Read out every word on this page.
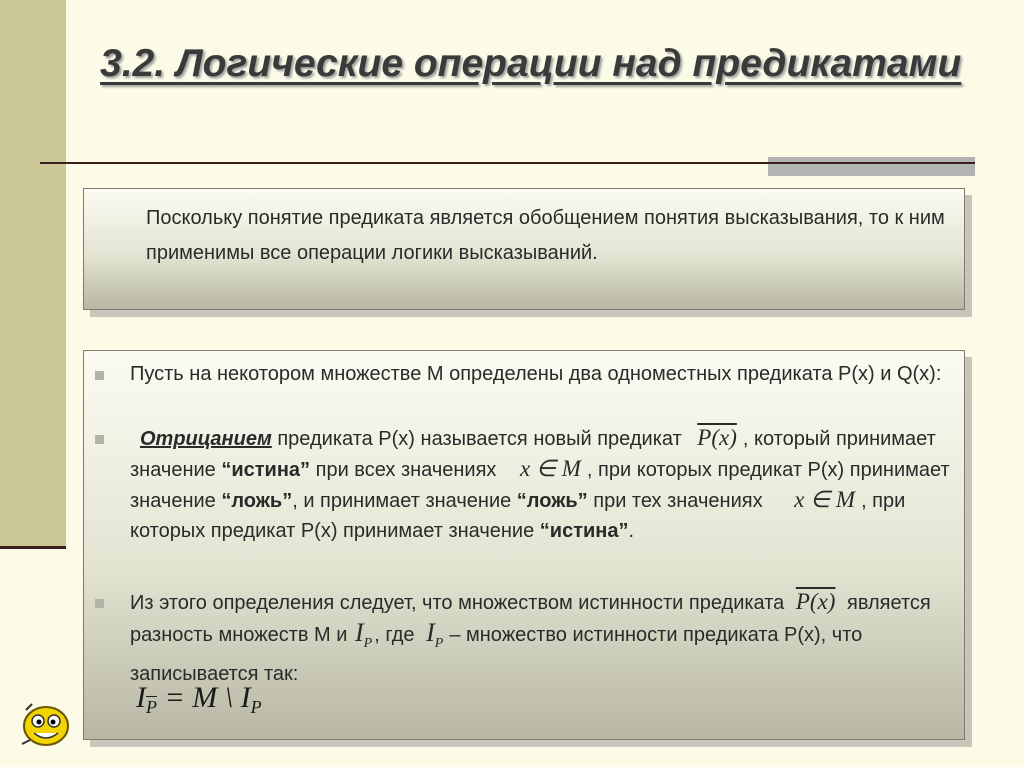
3.2. Логические операции над предикатами

Поскольку понятие предиката является обобщением понятия высказывания, то к ним применимы все операции логики высказываний.

Пусть на некотором множестве М определены два одноместных предиката Р(х) и Q(x):

Отрицанием предиката Р(х) называется новый предикат P(x) , который принимает значение “истина” при всех значениях x ∈ M , при которых предикат Р(х) принимает значение “ложь”, и принимает значение “ложь” при тех значениях x ∈ M , при которых предикат Р(х) принимает значение “истина”.

Из этого определения следует, что множеством истинности предиката P(x) является разность множеств М и $I_P$ , где $I_P$ – множество истинности предиката Р(х), что записывается так:

$I_{\overline{P}} = M$ \ $I_P$
